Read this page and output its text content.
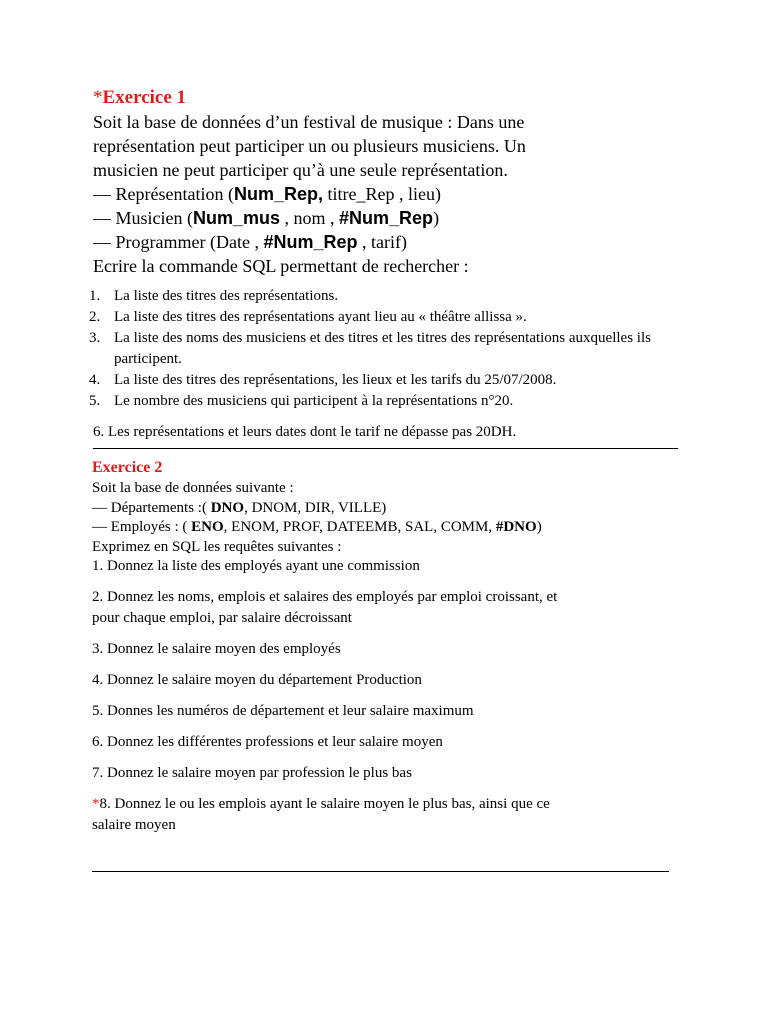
*Exercice 1

Soit la base de données d’un festival de musique : Dans une

représentation peut participer un ou plusieurs musiciens. Un

musicien ne peut participer qu’à une seule représentation.

— Représentation (Num_Rep, titre_Rep , lieu)

— Musicien (Num_mus , nom , #Num_Rep)

— Programmer (Date , #Num_Rep , tarif)

Ecrire la commande SQL permettant de rechercher :

1. La liste des titres des représentations.
2. La liste des titres des représentations ayant lieu au « théâtre allissa ».
3. La liste des noms des musiciens et des titres et les titres des représentations auxquelles ils participent.
4. La liste des titres des représentations, les lieux et les tarifs du 25/07/2008.
5. Le nombre des musiciens qui participent à la représentations n°20.

6. Les représentations et leurs dates dont le tarif ne dépasse pas 20DH.

Exercice 2

Soit la base de données suivante :

— Départements :( DNO, DNOM, DIR, VILLE)

— Employés : ( ENO, ENOM, PROF, DATEEMB, SAL, COMM, #DNO)

Exprimez en SQL les requêtes suivantes :

1. Donnez la liste des employés ayant une commission

2. Donnez les noms, emplois et salaires des employés par emploi croissant, et

pour chaque emploi, par salaire décroissant

3. Donnez le salaire moyen des employés

4. Donnez le salaire moyen du département Production

5. Donnes les numéros de département et leur salaire maximum

6. Donnez les différentes professions et leur salaire moyen

7. Donnez le salaire moyen par profession le plus bas

*8. Donnez le ou les emplois ayant le salaire moyen le plus bas, ainsi que ce

salaire moyen
